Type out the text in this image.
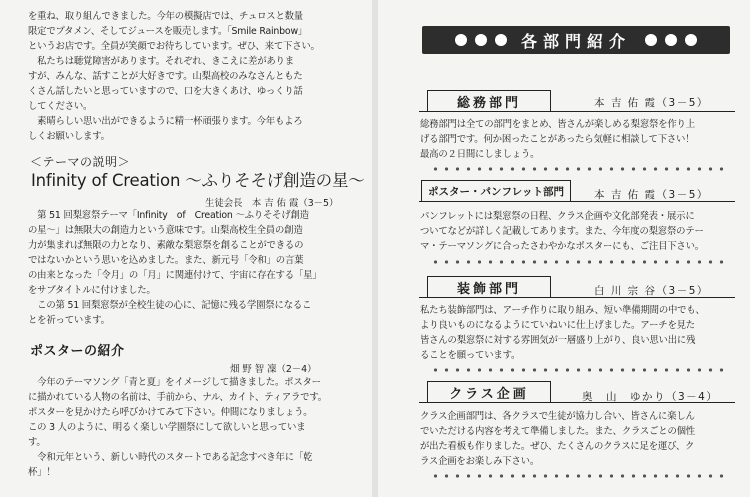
を重ね、取り組んできました。今年の模擬店では、チュロスと数量
限定でプタメン、そしてジュースを販売します。「Smile Rainbow」
というお店です。全員が笑顔でお待ちしています。ぜひ、来て下さい。
　私たちは聴覚障害があります。それぞれ、きこえに差がありま
すが、みんな、話すことが大好きです。山梨高校のみなさんともた
くさん話したいと思っていますので、口を大きくあけ、ゆっくり話
してください。
　素晴らしい思い出ができるように精一杯頑張ります。今年もよろ
しくお願いします。
＜テーマの説明＞
Infinity of Creation ～ふりそそげ創造の星～
生徒会長　本 吉 佑 霞（3－5）
　第 51 回梨窓祭テーマ「Infinity　of　Creation ～ふりそそげ創造
の星～」は無限大の創造力という意味です。山梨高校生全員の創造
力が集まれば無限の力となり、素敵な梨窓祭を創ることができるの
ではないかという思いを込めました。また、新元号「令和」の言葉
の由来となった「令月」の「月」に関連付けて、宇宙に存在する「星」
をサブタイトルに付けました。
　この第 51 回梨窓祭が全校生徒の心に、記憶に残る学園祭になるこ
とを祈っています。
ポスターの紹介
畑 野 智 凜（2－4）
　今年のテーマソング「青と夏」をイメージして描きました。ポスター
に描かれている人物の名前は、手前から、ナル、カイト、ティアラです。
ポスターを見かけたら呼びかけてみて下さい。仲間になりましょう。
この 3 人のように、明るく楽しい学園祭にして欲しいと思っていま
す。
　令和元年という、新しい時代のスタートである記念すべき年に「乾
杯」！
各部門紹介
総務部門	本 吉 佑 霞（3－5）
総務部門は全ての部門をまとめ、皆さんが楽しめる梨窓祭を作り上
げる部門です。何か困ったことがあったら気軽に相談して下さい！
最高の２日間にしましょう。
ポスター・パンフレット部門	本 吉 佑 霞（3－5）
パンフレットには梨窓祭の日程、クラス企画や文化部発表・展示に
ついてなどが詳しく記載してあります。また、今年度の梨窓祭のテー
マ・テーマソングに合ったさわやかなポスターにも、ご注目下さい。
装飾部門	白 川 宗 谷（3－5）
私たち装飾部門は、アーチ作りに取り組み、短い準備期間の中でも、
より良いものになるようにていねいに仕上げました。アーチを見た
皆さんの梨窓祭に対する雰囲気が一層盛り上がり、良い思い出に残
ることを願っています。
クラス企画	奥　山　ゆかり（3－4）
クラス企画部門は、各クラスで生徒が協力し合い、皆さんに楽しん
でいただける内容を考えて準備しました。また、クラスごとの個性
が出た看板も作りました。ぜひ、たくさんのクラスに足を運び、ク
ラス企画をお楽しみ下さい。
